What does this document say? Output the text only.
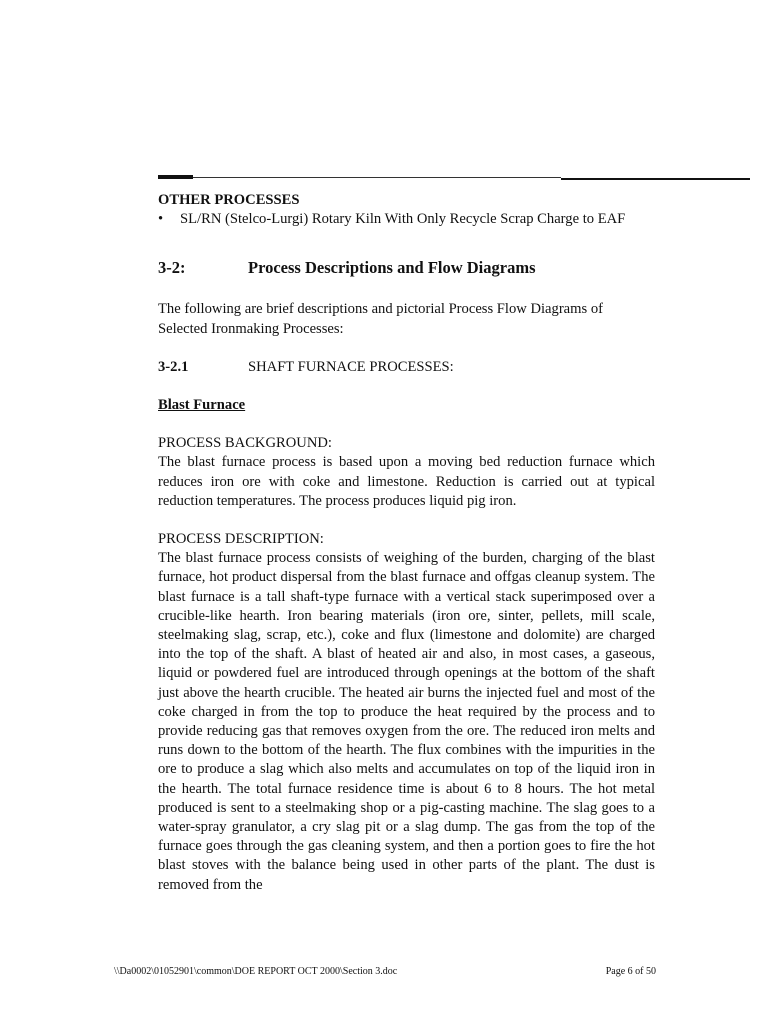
OTHER PROCESSES

•	SL/RN (Stelco-Lurgi) Rotary Kiln With Only Recycle Scrap Charge to EAF
3-2:	Process Descriptions and Flow Diagrams

The following are brief descriptions and pictorial Process Flow Diagrams of Selected Ironmaking Processes:

3-2.1	SHAFT FURNACE PROCESSES:

Blast Furnace

PROCESS BACKGROUND:

The blast furnace process is based upon a moving bed reduction furnace which reduces iron ore with coke and limestone. Reduction is carried out at typical reduction temperatures. The process produces liquid pig iron.

PROCESS DESCRIPTION:

The blast furnace process consists of weighing of the burden, charging of the blast furnace, hot product dispersal from the blast furnace and offgas cleanup system. The blast furnace is a tall shaft-type furnace with a vertical stack superimposed over a crucible-like hearth. Iron bearing materials (iron ore, sinter, pellets, mill scale, steelmaking slag, scrap, etc.), coke and flux (limestone and dolomite) are charged into the top of the shaft. A blast of heated air and also, in most cases, a gaseous, liquid or powdered fuel are introduced through openings at the bottom of the shaft just above the hearth crucible. The heated air burns the injected fuel and most of the coke charged in from the top to produce the heat required by the process and to provide reducing gas that removes oxygen from the ore. The reduced iron melts and runs down to the bottom of the hearth. The flux combines with the impurities in the ore to produce a slag which also melts and accumulates on top of the liquid iron in the hearth. The total furnace residence time is about 6 to 8 hours. The hot metal produced is sent to a steelmaking shop or a pig-casting machine. The slag goes to a water-spray granulator, a cry slag pit or a slag dump. The gas from the top of the furnace goes through the gas cleaning system, and then a portion goes to fire the hot blast stoves with the balance being used in other parts of the plant. The dust is removed from the

\\Da0002\01052901\common\DOE REPORT OCT 2000\Section 3.doc	Page 6 of 50
